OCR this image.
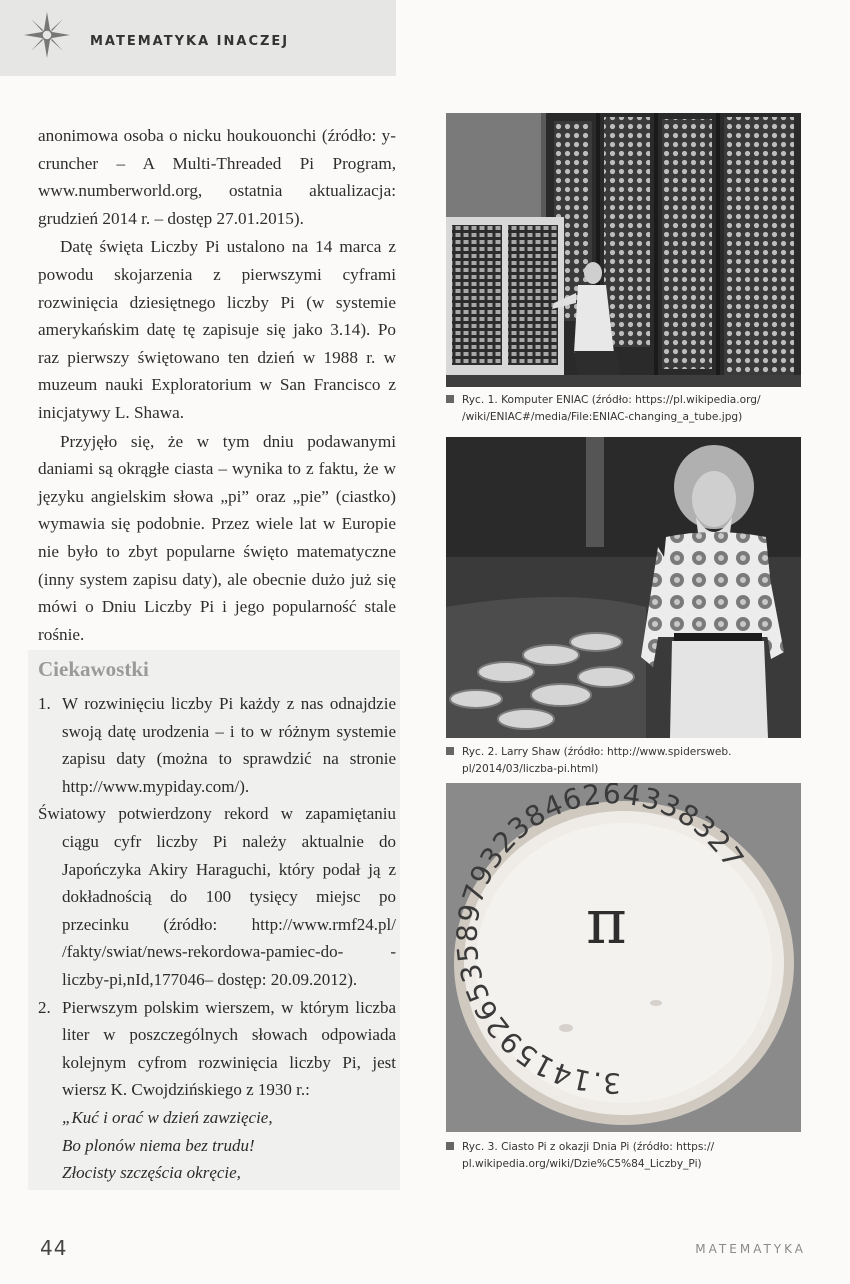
MATEMATYKA INACZEJ

anonimowa osoba o nicku houkouonchi (źródło: y-cruncher – A Multi-Threaded Pi Program, www.numberworld.org, ostatnia aktualizacja: grudzień 2014 r. – dostęp 27.01.2015).

Datę święta Liczby Pi ustalono na 14 marca z powodu skojarzenia z pierwszymi cyframi rozwinięcia dziesiętnego liczby Pi (w systemie amerykańskim datę tę zapisuje się jako 3.14). Po raz pierwszy świętowano ten dzień w 1988 r. w muzeum nauki Exploratorium w San Francisco z inicjatywy L. Shawa.

Przyjęło się, że w tym dniu podawanymi daniami są okrągłe ciasta – wynika to z faktu, że w języku angielskim słowa „pi” oraz „pie” (ciastko) wymawia się podobnie. Przez wiele lat w Europie nie było to zbyt popularne święto matematyczne (inny system zapisu daty), ale obecnie dużo już się mówi o Dniu Liczby Pi i jego popularność stale rośnie.

Ciekawostki
1. W rozwinięciu liczby Pi każdy z nas odnajdzie swoją datę urodzenia – i to w różnym systemie zapisu daty (można to sprawdzić na stronie http://www.mypiday.com/).
Światowy potwierdzony rekord w zapamiętaniu ciągu cyfr liczby Pi należy aktualnie do Japończyka Akiry Haraguchi, który podał ją z dokładnością do 100 tysięcy miejsc po przecinku (źródło: http://www.rmf24.pl/ /fakty/swiat/news-rekordowa-pamiec-do- -liczby-pi,nId,177046– dostęp: 20.09.2012).
2. Pierwszym polskim wierszem, w którym liczba liter w poszczególnych słowach odpowiada kolejnym cyfrom rozwinięcia liczby Pi, jest wiersz K. Cwojdzińskiego z 1930 r.:
„Kuć i orać w dzień zawzięcie,
Bo plonów niema bez trudu!
Złocisty szczęścia okręcie,
Ryc. 1. Komputer ENIAC (źródło: https://pl.wikipedia.org/
/wiki/ENIAC#/media/File:ENIAC-changing_a_tube.jpg)
Ryc. 2. Larry Shaw (źródło: http://www.spidersweb.
pl/2014/03/liczba-pi.html)
3.14159265358979323846264338327
π
Ryc. 3. Ciasto Pi z okazji Dnia Pi (źródło: https://
pl.wikipedia.org/wiki/Dzie%C5%84_Liczby_Pi)
44	MATEMATYKA
